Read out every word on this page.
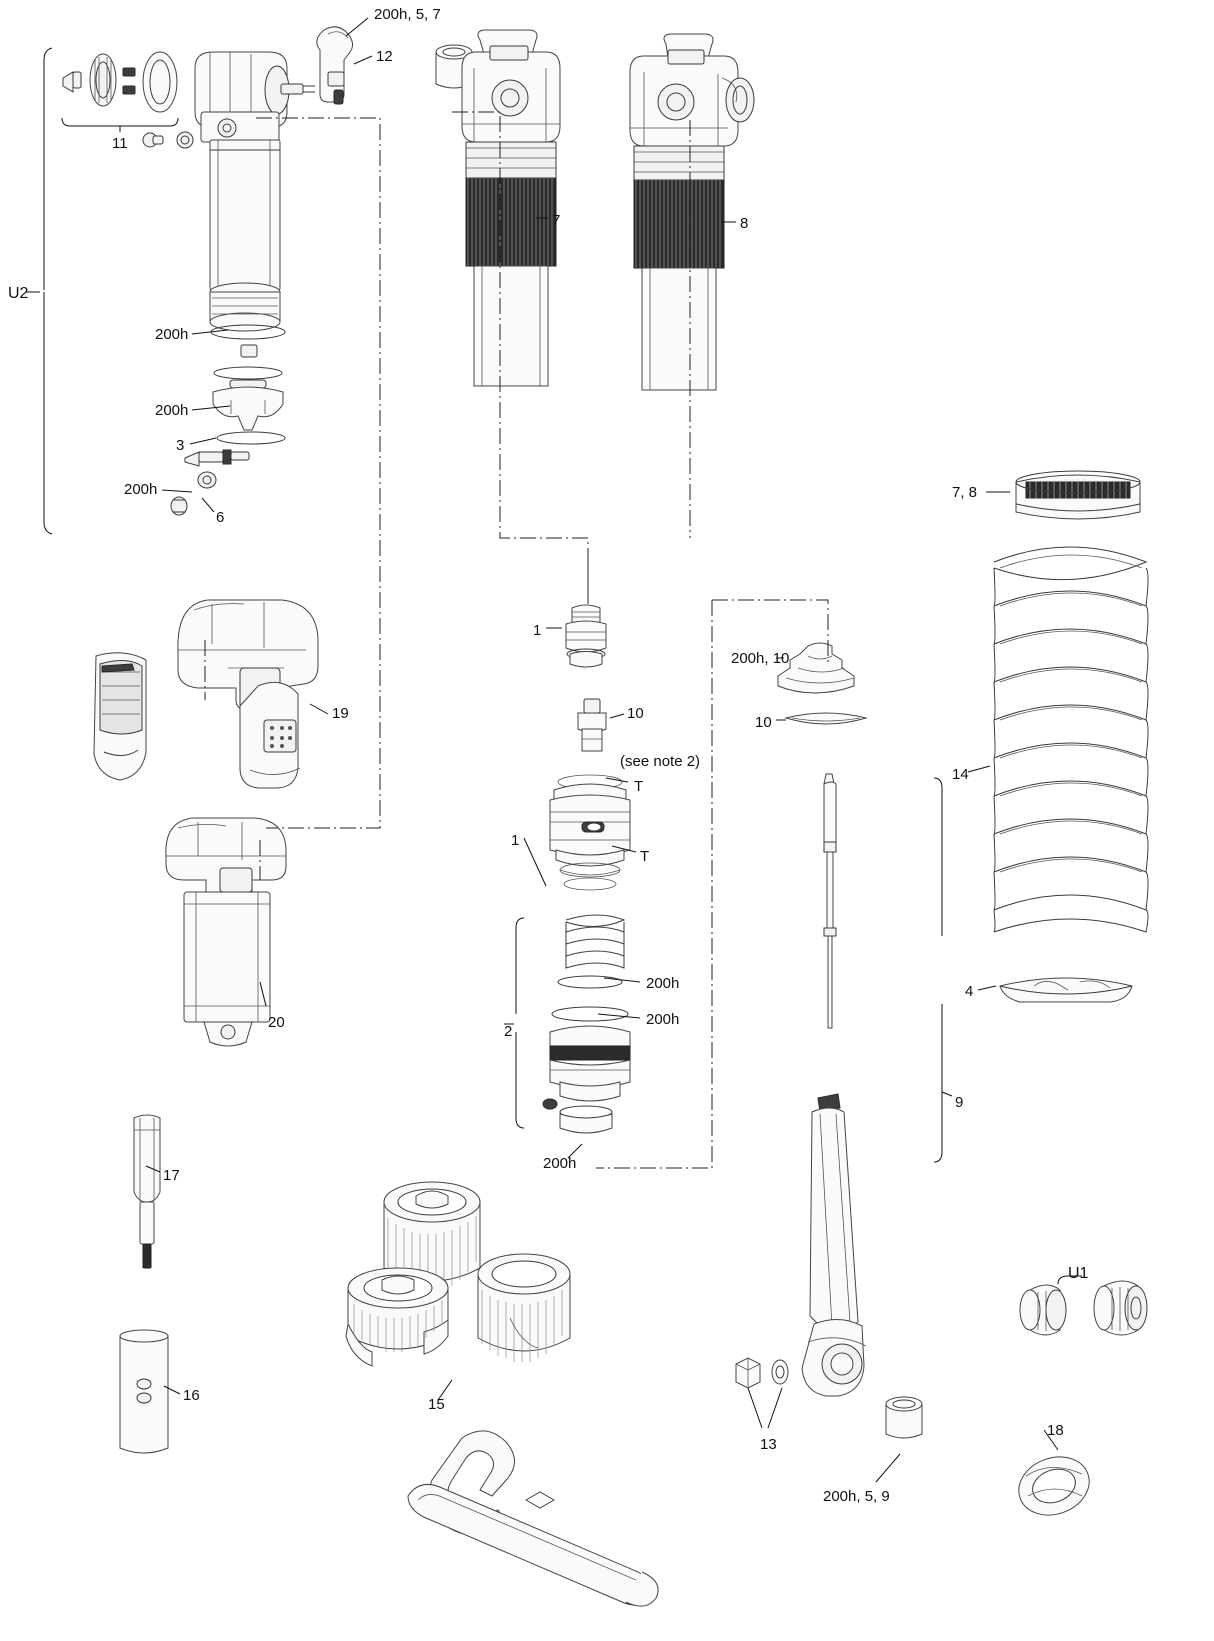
200h, 5, 7
12
11
U2
7	8
200h
200h
3
200h
6
7, 8
1
200h, 10
10
(see note 2)
10
T
T
1
19
20
14
4
200h
200h
2
200h
9
17
16
15
13
200h, 5, 9
U1
18
